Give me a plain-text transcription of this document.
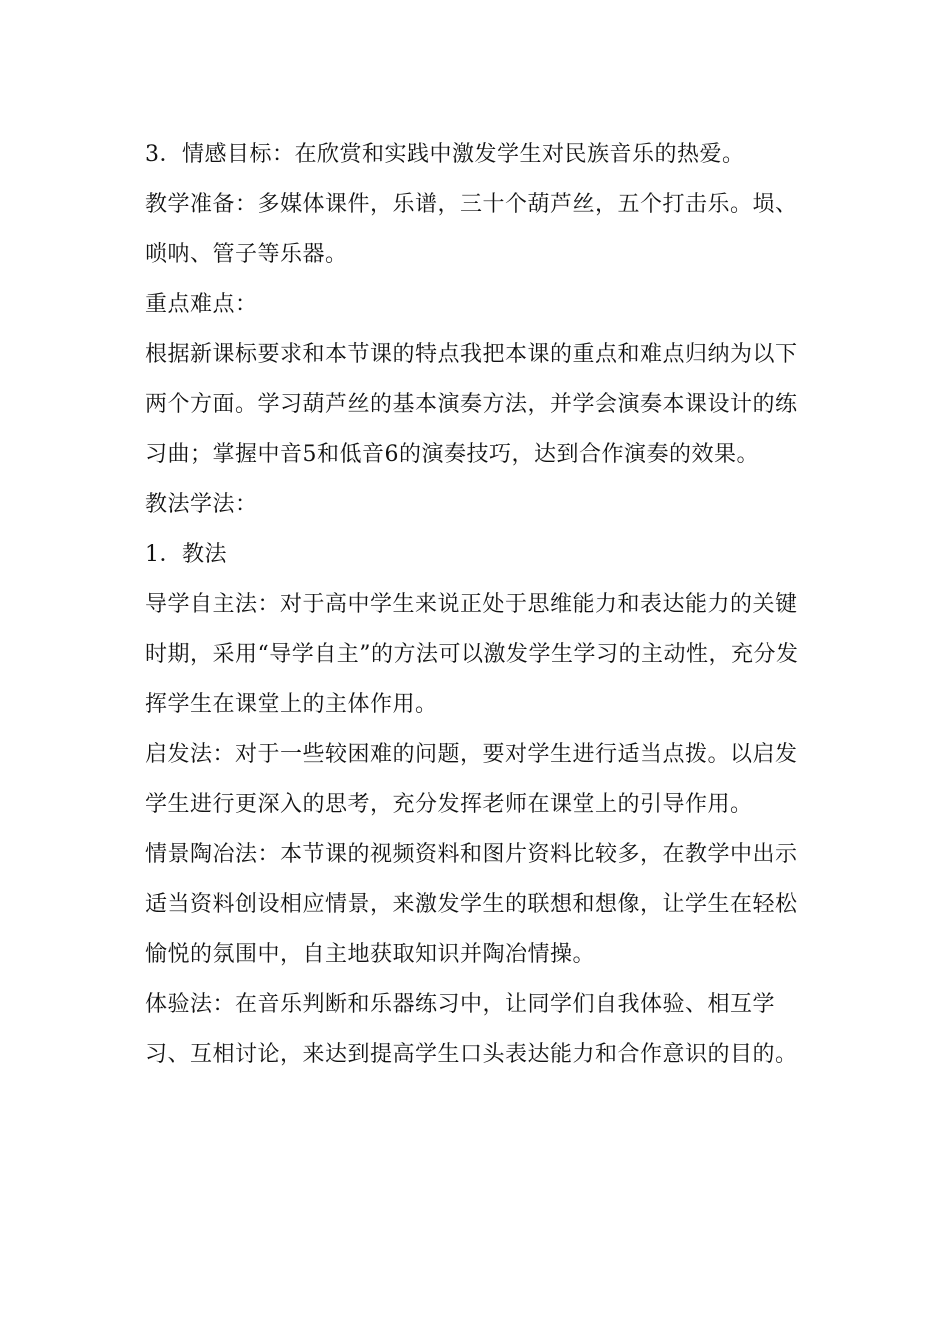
3．情感目标：在欣赏和实践中激发学生对民族音乐的热爱。

教学准备：多媒体课件，乐谱，三十个葫芦丝，五个打击乐。埙、唢呐、管子等乐器。

重点难点：

根据新课标要求和本节课的特点我把本课的重点和难点归纳为以下两个方面。学习葫芦丝的基本演奏方法，并学会演奏本课设计的练习曲；掌握中音5和低音6的演奏技巧，达到合作演奏的效果。

教法学法：

1．教法

导学自主法：对于高中学生来说正处于思维能力和表达能力的关键时期，采用“导学自主”的方法可以激发学生学习的主动性，充分发挥学生在课堂上的主体作用。

启发法：对于一些较困难的问题，要对学生进行适当点拨。以启发学生进行更深入的思考，充分发挥老师在课堂上的引导作用。

情景陶冶法：本节课的视频资料和图片资料比较多，在教学中出示适当资料创设相应情景，来激发学生的联想和想像，让学生在轻松愉悦的氛围中，自主地获取知识并陶冶情操。

体验法：在音乐判断和乐器练习中，让同学们自我体验、相互学习、互相讨论，来达到提高学生口头表达能力和合作意识的目的。
